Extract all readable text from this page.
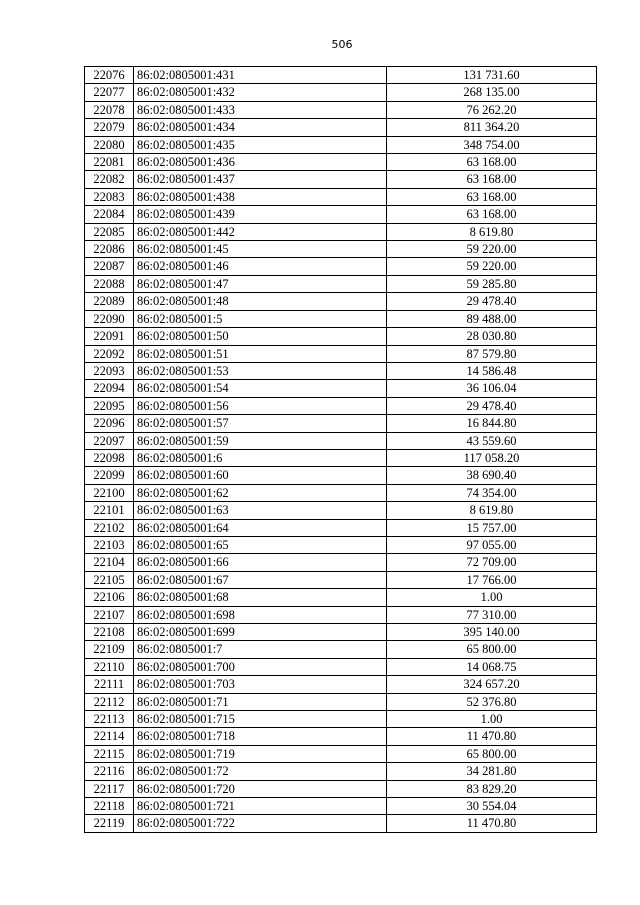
506
22076	86:02:0805001:431	131 731.60
22077	86:02:0805001:432	268 135.00
22078	86:02:0805001:433	76 262.20
22079	86:02:0805001:434	811 364.20
22080	86:02:0805001:435	348 754.00
22081	86:02:0805001:436	63 168.00
22082	86:02:0805001:437	63 168.00
22083	86:02:0805001:438	63 168.00
22084	86:02:0805001:439	63 168.00
22085	86:02:0805001:442	8 619.80
22086	86:02:0805001:45	59 220.00
22087	86:02:0805001:46	59 220.00
22088	86:02:0805001:47	59 285.80
22089	86:02:0805001:48	29 478.40
22090	86:02:0805001:5	89 488.00
22091	86:02:0805001:50	28 030.80
22092	86:02:0805001:51	87 579.80
22093	86:02:0805001:53	14 586.48
22094	86:02:0805001:54	36 106.04
22095	86:02:0805001:56	29 478.40
22096	86:02:0805001:57	16 844.80
22097	86:02:0805001:59	43 559.60
22098	86:02:0805001:6	117 058.20
22099	86:02:0805001:60	38 690.40
22100	86:02:0805001:62	74 354.00
22101	86:02:0805001:63	8 619.80
22102	86:02:0805001:64	15 757.00
22103	86:02:0805001:65	97 055.00
22104	86:02:0805001:66	72 709.00
22105	86:02:0805001:67	17 766.00
22106	86:02:0805001:68	1.00
22107	86:02:0805001:698	77 310.00
22108	86:02:0805001:699	395 140.00
22109	86:02:0805001:7	65 800.00
22110	86:02:0805001:700	14 068.75
22111	86:02:0805001:703	324 657.20
22112	86:02:0805001:71	52 376.80
22113	86:02:0805001:715	1.00
22114	86:02:0805001:718	11 470.80
22115	86:02:0805001:719	65 800.00
22116	86:02:0805001:72	34 281.80
22117	86:02:0805001:720	83 829.20
22118	86:02:0805001:721	30 554.04
22119	86:02:0805001:722	11 470.80
